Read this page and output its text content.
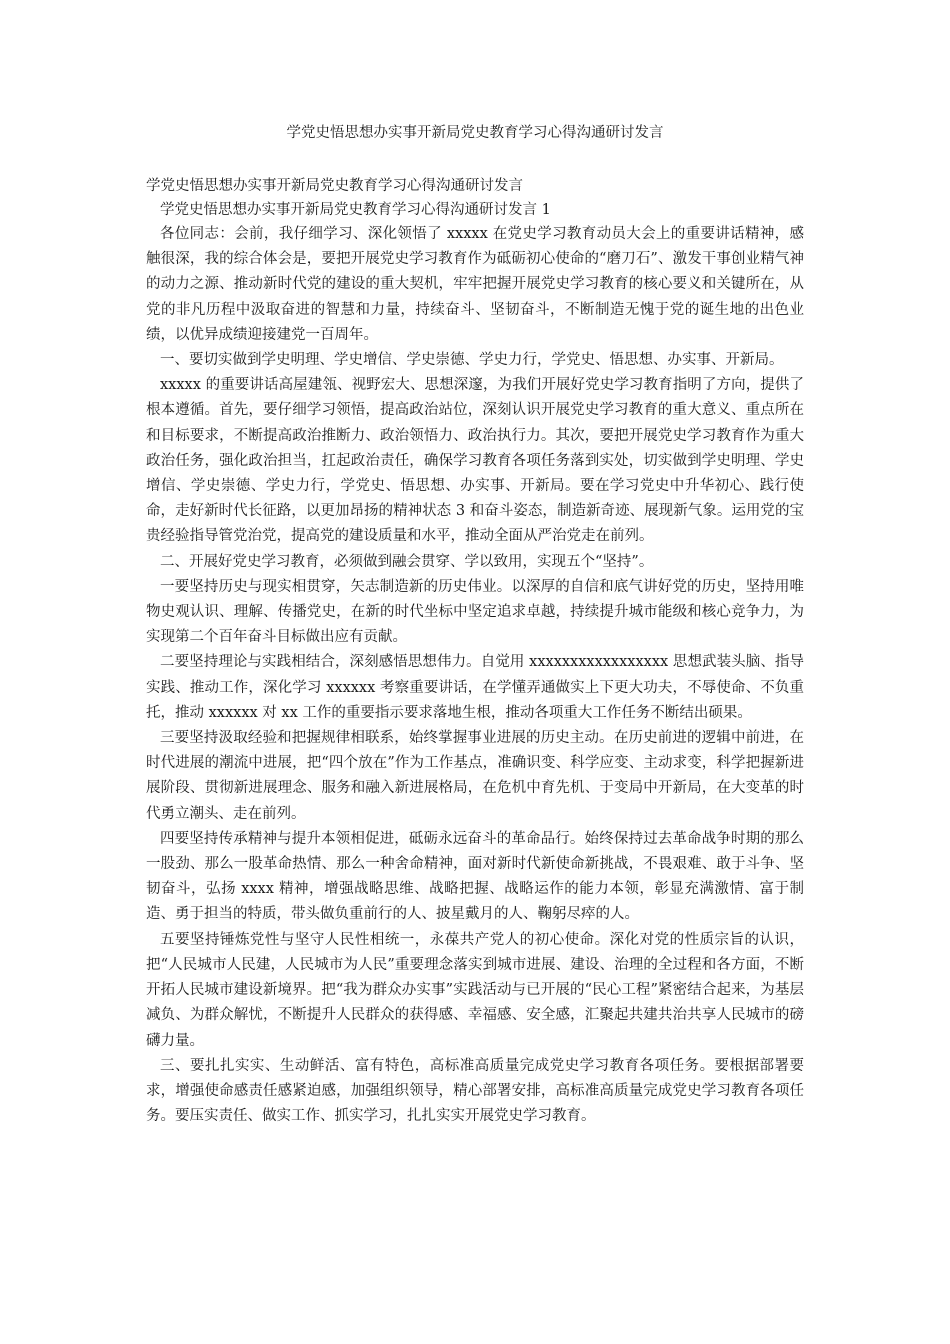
学党史悟思想办实事开新局党史教育学习心得沟通研讨发言

学党史悟思想办实事开新局党史教育学习心得沟通研讨发言

学党史悟思想办实事开新局党史教育学习心得沟通研讨发言 1

各位同志：会前，我仔细学习、深化领悟了 xxxxx 在党史学习教育动员大会上的重要讲话精神，感触很深，我的综合体会是，要把开展党史学习教育作为砥砺初心使命的“磨刀石”、激发干事创业精气神的动力之源、推动新时代党的建设的重大契机，牢牢把握开展党史学习教育的核心要义和关键所在，从党的非凡历程中汲取奋进的智慧和力量，持续奋斗、坚韧奋斗，不断制造无愧于党的诞生地的出色业绩，以优异成绩迎接建党一百周年。

一、要切实做到学史明理、学史增信、学史崇德、学史力行，学党史、悟思想、办实事、开新局。

xxxxx 的重要讲话高屋建瓴、视野宏大、思想深邃，为我们开展好党史学习教育指明了方向，提供了根本遵循。首先，要仔细学习领悟，提高政治站位，深刻认识开展党史学习教育的重大意义、重点所在和目标要求，不断提高政治推断力、政治领悟力、政治执行力。其次，要把开展党史学习教育作为重大政治任务，强化政治担当，扛起政治责任，确保学习教育各项任务落到实处，切实做到学史明理、学史增信、学史崇德、学史力行，学党史、悟思想、办实事、开新局。要在学习党史中升华初心、践行使命，走好新时代长征路，以更加昂扬的精神状态 3 和奋斗姿态，制造新奇迹、展现新气象。运用党的宝贵经验指导管党治党，提高党的建设质量和水平，推动全面从严治党走在前列。

二、开展好党史学习教育，必须做到融会贯穿、学以致用，实现五个“坚持”。

一要坚持历史与现实相贯穿，矢志制造新的历史伟业。以深厚的自信和底气讲好党的历史，坚持用唯物史观认识、理解、传播党史，在新的时代坐标中坚定追求卓越，持续提升城市能级和核心竞争力，为实现第二个百年奋斗目标做出应有贡献。

二要坚持理论与实践相结合，深刻感悟思想伟力。自觉用 xxxxxxxxxxxxxxxxx 思想武装头脑、指导实践、推动工作，深化学习 xxxxxx 考察重要讲话，在学懂弄通做实上下更大功夫，不辱使命、不负重托，推动 xxxxxx 对 xx 工作的重要指示要求落地生根，推动各项重大工作任务不断结出硕果。

三要坚持汲取经验和把握规律相联系，始终掌握事业进展的历史主动。在历史前进的逻辑中前进，在时代进展的潮流中进展，把“四个放在”作为工作基点，准确识变、科学应变、主动求变，科学把握新进展阶段、贯彻新进展理念、服务和融入新进展格局，在危机中育先机、于变局中开新局，在大变革的时代勇立潮头、走在前列。

四要坚持传承精神与提升本领相促进，砥砺永远奋斗的革命品行。始终保持过去革命战争时期的那么一股劲、那么一股革命热情、那么一种舍命精神，面对新时代新使命新挑战，不畏艰难、敢于斗争、坚韧奋斗，弘扬 xxxx 精神，增强战略思维、战略把握、战略运作的能力本领，彰显充满激情、富于制造、勇于担当的特质，带头做负重前行的人、披星戴月的人、鞠躬尽瘁的人。

五要坚持锤炼党性与坚守人民性相统一，永葆共产党人的初心使命。深化对党的性质宗旨的认识，把“人民城市人民建，人民城市为人民”重要理念落实到城市进展、建设、治理的全过程和各方面，不断开拓人民城市建设新境界。把“我为群众办实事”实践活动与已开展的“民心工程”紧密结合起来，为基层减负、为群众解忧，不断提升人民群众的获得感、幸福感、安全感，汇聚起共建共治共享人民城市的磅礴力量。

三、要扎扎实实、生动鲜活、富有特色，高标准高质量完成党史学习教育各项任务。要根据部署要求，增强使命感责任感紧迫感，加强组织领导，精心部署安排，高标准高质量完成党史学习教育各项任务。要压实责任、做实工作、抓实学习，扎扎实实开展党史学习教育。
